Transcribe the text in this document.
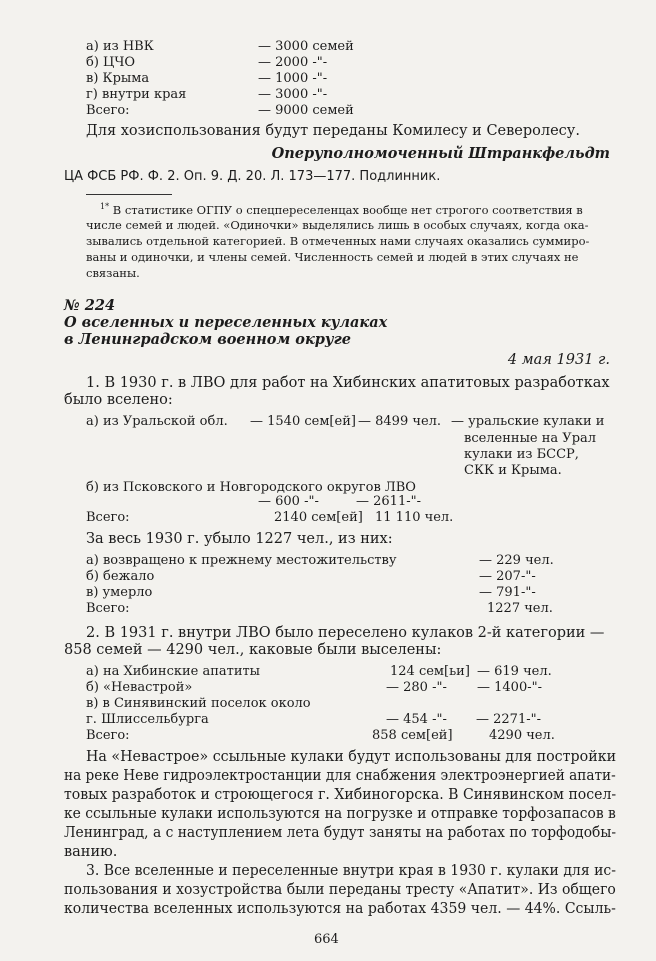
а) из НВК	— 3000 семей
б) ЦЧО	— 2000 -"-
в) Крыма	— 1000 -"-
г) внутри края	— 3000 -"-
Всего:	— 9000 семей
Для хозиспользования будут переданы Комилесу и Северолесу.
Оперуполномоченный Штранкфельдт
ЦА ФСБ РФ. Ф. 2. Оп. 9. Д. 20. Л. 173—177. Подлинник.
$^{1*}$ В статистике ОГПУ о спецпереселенцах вообще нет строгого соответствия в
числе семей и людей. «Одиночки» выделялись лишь в особых случаях, когда ока-
зывались отдельной категорией. В отмеченных нами случаях оказались суммиро-
ваны и одиночки, и члены семей. Численность семей и людей в этих случаях не
связаны.
№ 224
О вселенных и переселенных кулаках
в Ленинградском военном округе
4 мая 1931 г.
1. В 1930 г. в ЛВО для работ на Хибинских апатитовых разработках
было вселено:
а) из Уральской обл. — 1540 сем[ей] — 8499 чел. — уральские кулаки и
вселенные на Урал
кулаки из БССР,
СКК и Крыма.
б) из Псковского и Новгородского округов ЛВО
— 600 -"-	— 2611-"-
Всего:	2140 сем[ей] 11 110 чел.
За весь 1930 г. убыло 1227 чел., из них:
а) возвращено к прежнему местожительству	— 229 чел.
б) бежало	— 207-"-
в) умерло	— 791-"-
Всего:	1227 чел.
2. В 1931 г. внутри ЛВО было переселено кулаков 2-й категории —
858 семей — 4290 чел., каковые были выселены:
а) на Хибинские апатиты	124 сем[ьи] — 619 чел.
б) «Невастрой»	— 280 -"- — 1400-"-
в) в Синявинский поселок около
г. Шлиссельбурга	— 454 -"- — 2271-"-
Всего:	858 сем[ей]	4290 чел.
На «Невастрое» ссыльные кулаки будут использованы для постройки
на реке Неве гидроэлектростанции для снабжения электроэнергией апати-
товых разработок и строющегося г. Хибиногорска. В Синявинском посел-
ке ссыльные кулаки используются на погрузке и отправке торфозапасов в
Ленинград, а с наступлением лета будут заняты на работах по торфодобы-
ванию.
3. Все вселенные и переселенные внутри края в 1930 г. кулаки для ис-
пользования и хозустройства были переданы тресту «Апатит». Из общего
количества вселенных используются на работах 4359 чел. — 44%. Ссыль-
664
